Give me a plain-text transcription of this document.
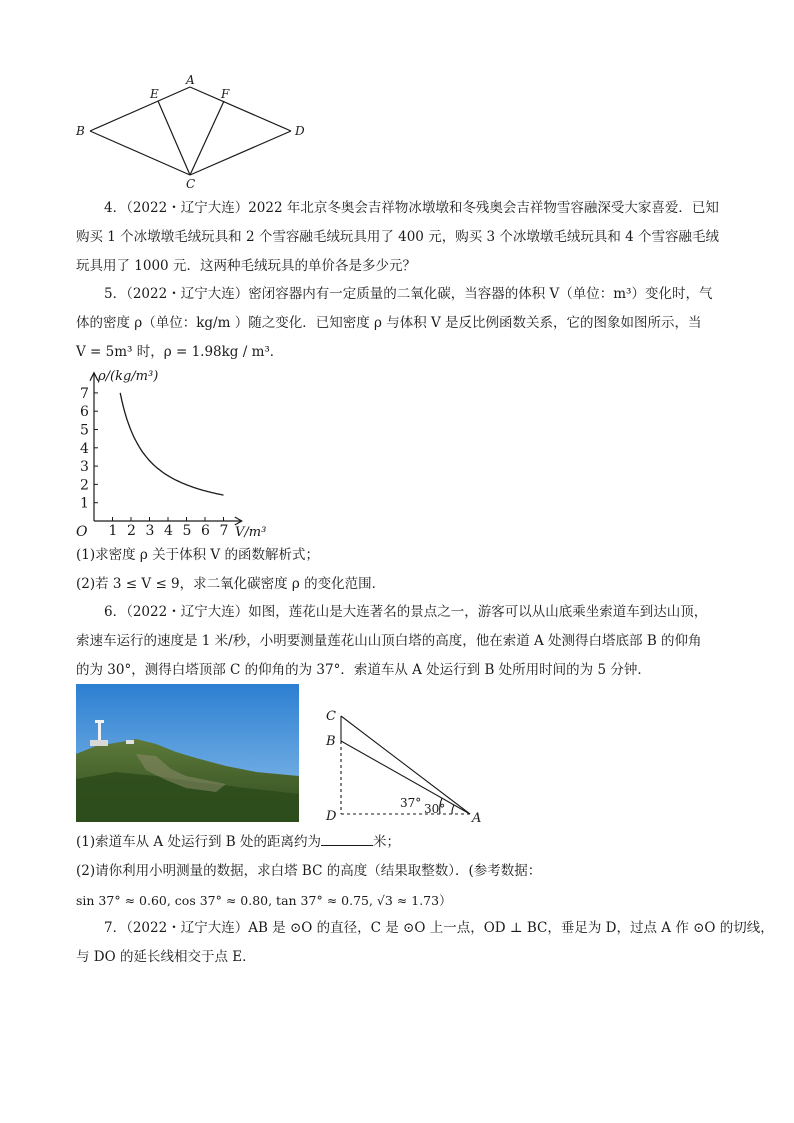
A
E	F
B	D
C
4．（2022・辽宁大连）2022 年北京冬奥会吉祥物冰墩墩和冬残奥会吉祥物雪容融深受大家喜爱．已知
购买 1 个冰墩墩毛绒玩具和 2 个雪容融毛绒玩具用了 400 元，购买 3 个冰墩墩毛绒玩具和 4 个雪容融毛绒
玩具用了 1000 元．这两种毛绒玩具的单价各是多少元？
5．（2022・辽宁大连）密闭容器内有一定质量的二氧化碳，当容器的体积 V（单位：m³）变化时，气
体的密度 ρ（单位：kg/m ）随之变化．已知密度 ρ 与体积 V 是反比例函数关系，它的图象如图所示，当
V = 5m³ 时，ρ = 1.98kg / m³．
1 2 3 4 5 6 7
1
2
3
4
5
6
7
ρ/(kg/m³)
V/m³
O
(1)求密度 ρ 关于体积 V 的函数解析式；
(2)若 3 ≤ V ≤ 9，求二氧化碳密度 ρ 的变化范围．
6．（2022・辽宁大连）如图，莲花山是大连著名的景点之一，游客可以从山底乘坐索道车到达山顶，
索速车运行的速度是 1 米/秒，小明要测量莲花山山顶白塔的高度，他在索道 A 处测得白塔底部 B 的仰角
的为 30°，测得白塔顶部 C 的仰角的为 37°．索道车从 A 处运行到 B 处所用时间的为 5 分钟．
C
B
D	A
37° 30°
(1)索道车从 A 处运行到 B 处的距离约为	米；
(2)请你利用小明测量的数据，求白塔 BC 的高度（结果取整数）．(参考数据：
sin 37° ≈ 0.60, cos 37° ≈ 0.80, tan 37° ≈ 0.75, √3 ≈ 1.73）
7．（2022・辽宁大连）AB 是 ⊙O 的直径，C 是 ⊙O 上一点，OD ⊥ BC，垂足为 D，过点 A 作 ⊙O 的切线，
与 DO 的延长线相交于点 E．
